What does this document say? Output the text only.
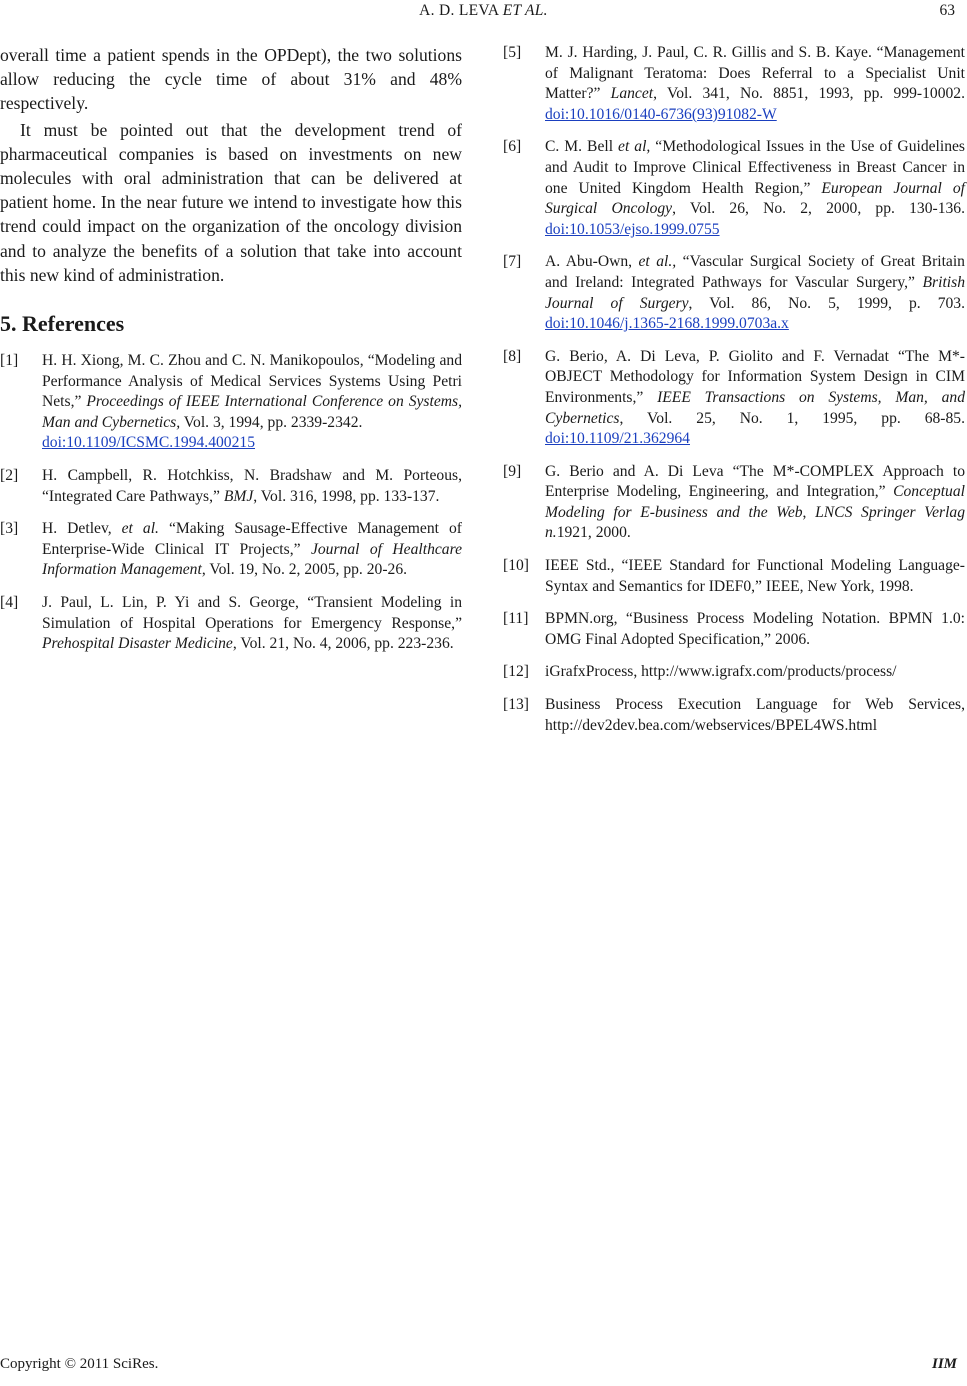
A. D. LEVA ET AL.	63

overall time a patient spends in the OPDept), the two solutions allow reducing the cycle time of about 31% and 48% respectively.

It must be pointed out that the development trend of pharmaceutical companies is based on investments on new molecules with oral administration that can be delivered at patient home. In the near future we intend to investigate how this trend could impact on the organization of the oncology division and to analyze the benefits of a solution that take into account this new kind of administration.

5. References
[1] H. H. Xiong, M. C. Zhou and C. N. Manikopoulos, “Modeling and Performance Analysis of Medical Services Systems Using Petri Nets,” Proceedings of IEEE International Conference on Systems, Man and Cybernetics, Vol. 3, 1994, pp. 2339-2342.
doi:10.1109/ICSMC.1994.400215
[2] H. Campbell, R. Hotchkiss, N. Bradshaw and M. Porteous, “Integrated Care Pathways,” BMJ, Vol. 316, 1998, pp. 133-137.
[3] H. Detlev, et al. “Making Sausage-Effective Management of Enterprise-Wide Clinical IT Projects,” Journal of Healthcare Information Management, Vol. 19, No. 2, 2005, pp. 20-26.
[4] J. Paul, L. Lin, P. Yi and S. George, “Transient Modeling in Simulation of Hospital Operations for Emergency Response,” Prehospital Disaster Medicine, Vol. 21, No. 4, 2006, pp. 223-236.
[5] M. J. Harding, J. Paul, C. R. Gillis and S. B. Kaye. “Management of Malignant Teratoma: Does Referral to a Specialist Unit Matter?” Lancet, Vol. 341, No. 8851, 1993, pp. 999-10002. doi:10.1016/0140-6736(93)91082-W
[6] C. M. Bell et al, “Methodological Issues in the Use of Guidelines and Audit to Improve Clinical Effectiveness in Breast Cancer in one United Kingdom Health Region,” European Journal of Surgical Oncology, Vol. 26, No. 2, 2000, pp. 130-136. doi:10.1053/ejso.1999.0755
[7] A. Abu-Own, et al., “Vascular Surgical Society of Great Britain and Ireland: Integrated Pathways for Vascular Surgery,” British Journal of Surgery, Vol. 86, No. 5, 1999, p. 703. doi:10.1046/j.1365-2168.1999.0703a.x
[8] G. Berio, A. Di Leva, P. Giolito and F. Vernadat “The M*-OBJECT Methodology for Information System Design in CIM Environments,” IEEE Transactions on Systems, Man, and Cybernetics, Vol. 25, No. 1, 1995, pp. 68-85. doi:10.1109/21.362964
[9] G. Berio and A. Di Leva “The M*-COMPLEX Approach to Enterprise Modeling, Engineering, and Integration,” Conceptual Modeling for E-business and the Web, LNCS Springer Verlag n.1921, 2000.
[10] IEEE Std., “IEEE Standard for Functional Modeling Language-Syntax and Semantics for IDEF0,” IEEE, New York, 1998.
[11] BPMN.org, “Business Process Modeling Notation. BPMN 1.0: OMG Final Adopted Specification,” 2006.
[12] iGrafxProcess, http://www.igrafx.com/products/process/
[13] Business Process Execution Language for Web Services, http://dev2dev.bea.com/webservices/BPEL4WS.html
Copyright © 2011 SciRes.	IIM
